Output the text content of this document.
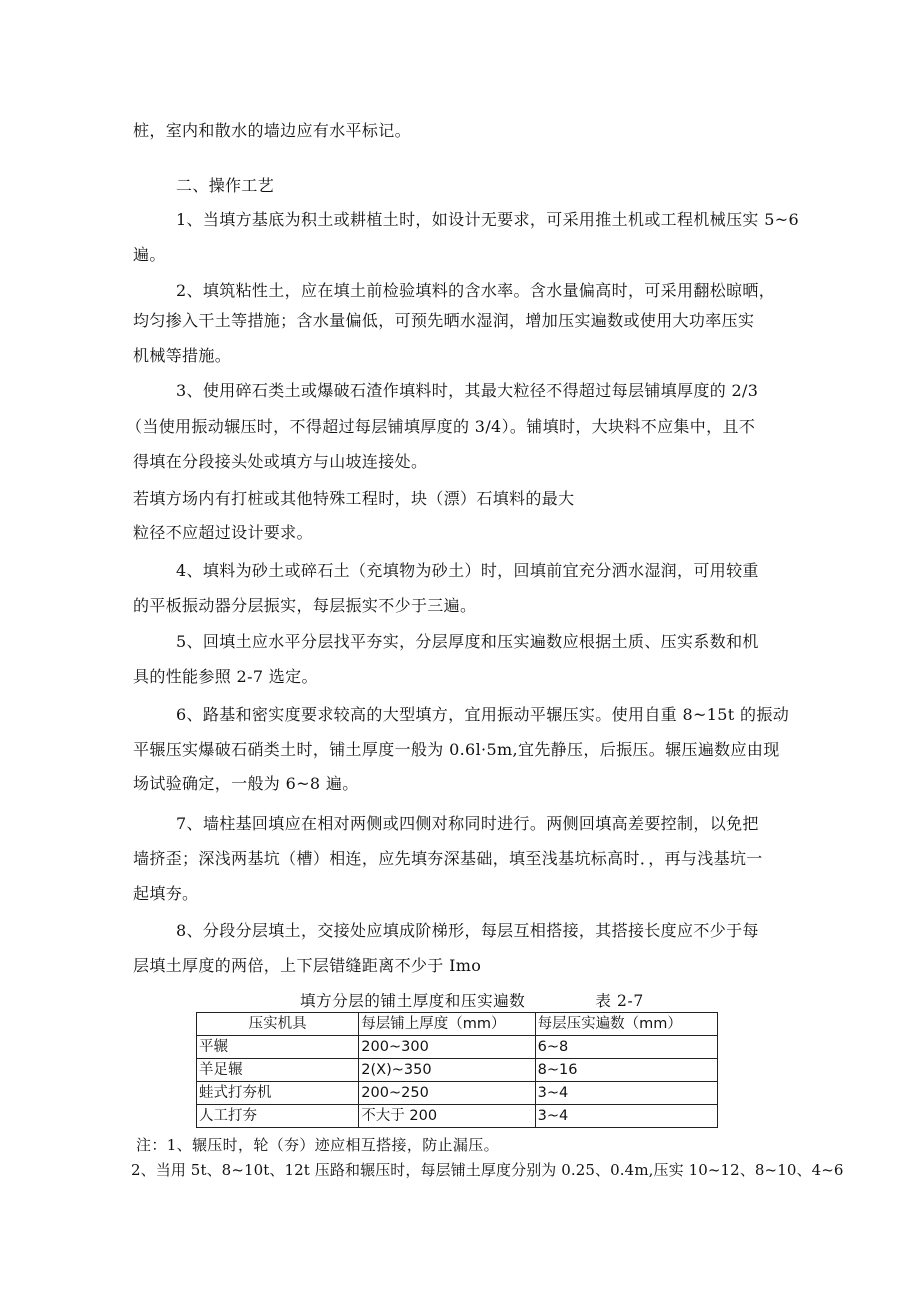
桩，室内和散水的墙边应有水平标记。
二、操作工艺
1、当填方基底为积土或耕植土时，如设计无要求，可采用推土机或工程机械压实 5~6
遍。
2、填筑粘性土，应在填土前检验填料的含水率。含水量偏高时，可采用翻松晾晒，
均匀掺入干土等措施；含水量偏低，可预先晒水湿润，增加压实遍数或使用大功率压实
机械等措施。
3、使用碎石类土或爆破石渣作填料时，其最大粒径不得超过每层铺填厚度的 2/3
（当使用振动辗压时，不得超过每层铺填厚度的 3/4）。铺填时，大块料不应集中，且不
得填在分段接头处或填方与山坡连接处。
若填方场内有打桩或其他特殊工程时，块（漂）石填料的最大
粒径不应超过设计要求。
4、填料为砂土或碎石土（充填物为砂土）时，回填前宜充分洒水湿润，可用较重
的平板振动器分层振实，每层振实不少于三遍。
5、回填土应水平分层找平夯实，分层厚度和压实遍数应根据土质、压实系数和机
具的性能参照 2-7 选定。
6、路基和密实度要求较高的大型填方，宜用振动平辗压实。使用自重 8~15t 的振动
平辗压实爆破石硝类土时，铺土厚度一般为 0.6l·5m,宜先静压，后振压。辗压遍数应由现
场试验确定，一般为 6~8 遍。
7、墙柱基回填应在相对两侧或四侧对称同时进行。两侧回填高差要控制，以免把
墙挤歪；深浅两基坑（槽）相连，应先填夯深基础，填至浅基坑标高时．，再与浅基坑一
起填夯。
8、分段分层填土，交接处应填成阶梯形，每层互相搭接，其搭接长度应不少于每
层填土厚度的两倍，上下层错缝距离不少于 Imo
填方分层的铺土厚度和压实遍数	表 2-7
压实机具	每层铺上厚度（mm）	每层压实遍数（mm）
平辗	200~300	6~8
羊足辗	2(X)~350	8~16
蛙式打夯机	200~250	3~4
人工打夯	不大于 200	3~4
注：1、辗压时，轮（夯）迹应相互搭接，防止漏压。
2、当用 5t、8~10t、12t 压路和辗压时，每层铺土厚度分别为 0.25、0.4m,压实 10~12、8~10、4~6
